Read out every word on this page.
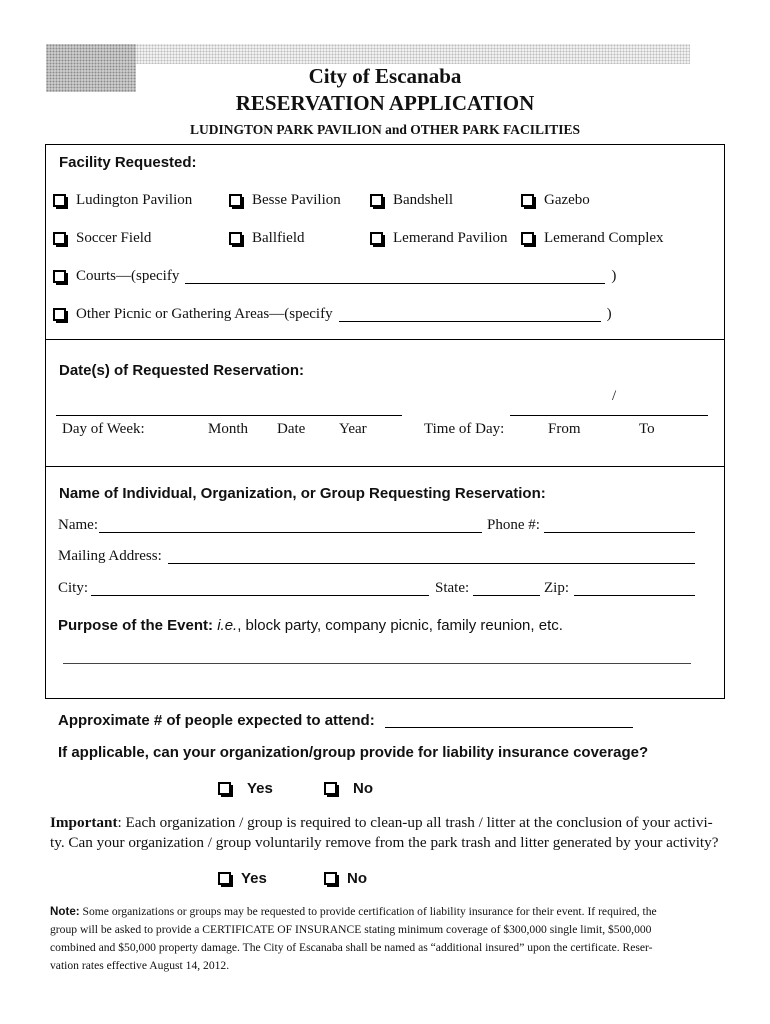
City of Escanaba
RESERVATION APPLICATION
LUDINGTON PARK PAVILION and OTHER PARK FACILITIES
Facility Requested:
Ludington Pavilion	Besse Pavilion	Bandshell	Gazebo
Soccer Field	Ballfield	Lemerand Pavilion Lemerand Complex
Courts—(specify	)
Other Picnic or Gathering Areas—(specify	)
Date(s) of Requested Reservation:
/
Day of Week:	Month Date Year	Time of Day:	From	To
Name of Individual, Organization, or Group Requesting Reservation:
Name:	Phone #:
Mailing Address:
City:	State:	Zip:
Purpose of the Event: i.e., block party, company picnic, family reunion, etc.
Approximate # of people expected to attend:
If applicable, can your organization/group provide for liability insurance coverage?
Yes	No
Important: Each organization / group is required to clean-up all trash / litter at the conclusion of your activi-
ty. Can your organization / group voluntarily remove from the park trash and litter generated by your activity?
Yes	No
Note: Some organizations or groups may be requested to provide certification of liability insurance for their event. If required, the
group will be asked to provide a CERTIFICATE OF INSURANCE stating minimum coverage of $300,000 single limit, $500,000
combined and $50,000 property damage. The City of Escanaba shall be named as “additional insured” upon the certificate. Reser-
vation rates effective August 14, 2012.
